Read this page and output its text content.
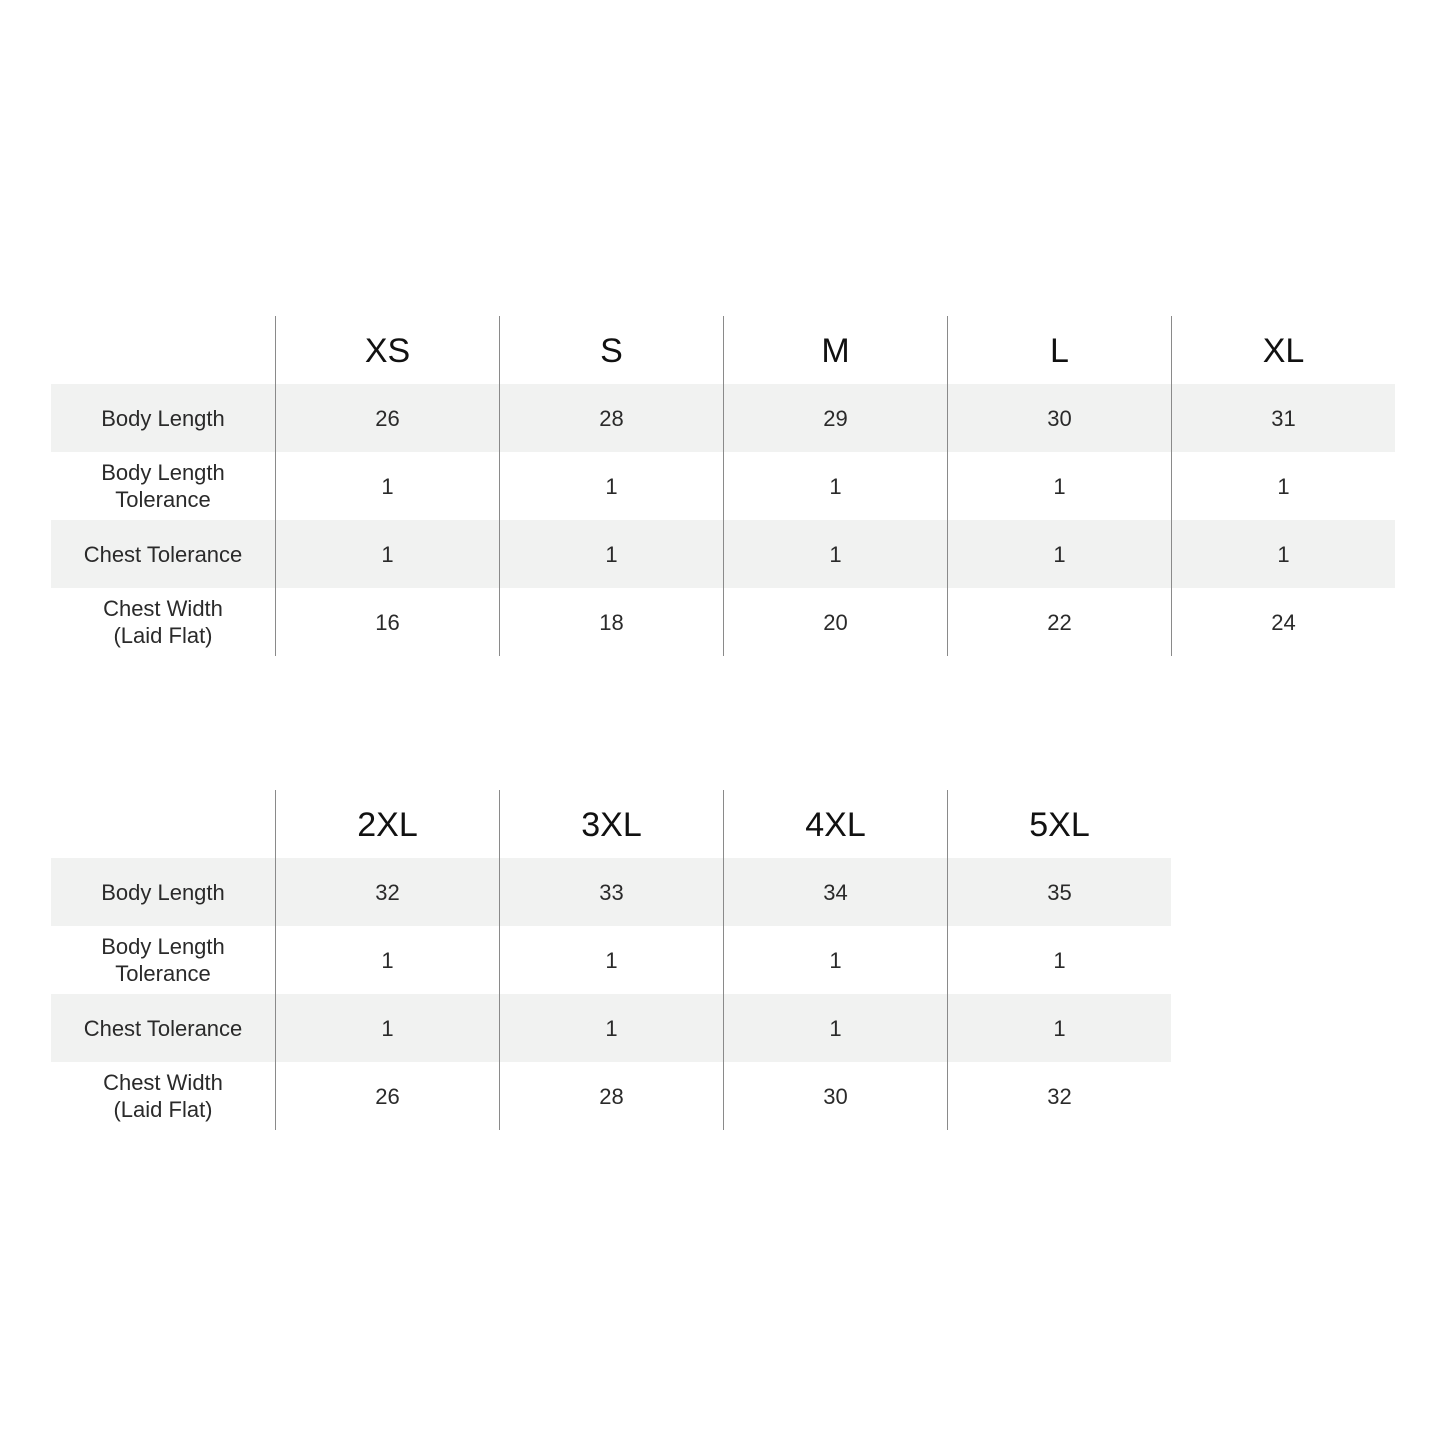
XS	S	M	L	XL
Body Length	26	28	29	30	31
Body Length
Tolerance
1	1	1	1	1
Chest Tolerance	1	1	1	1	1
Chest Width
(Laid Flat)
16	18	20	22	24
2XL	3XL	4XL	5XL
Body Length	32	33	34	35
Body Length
Tolerance
1	1	1	1
Chest Tolerance	1	1	1	1
Chest Width
(Laid Flat)
26	28	30	32
